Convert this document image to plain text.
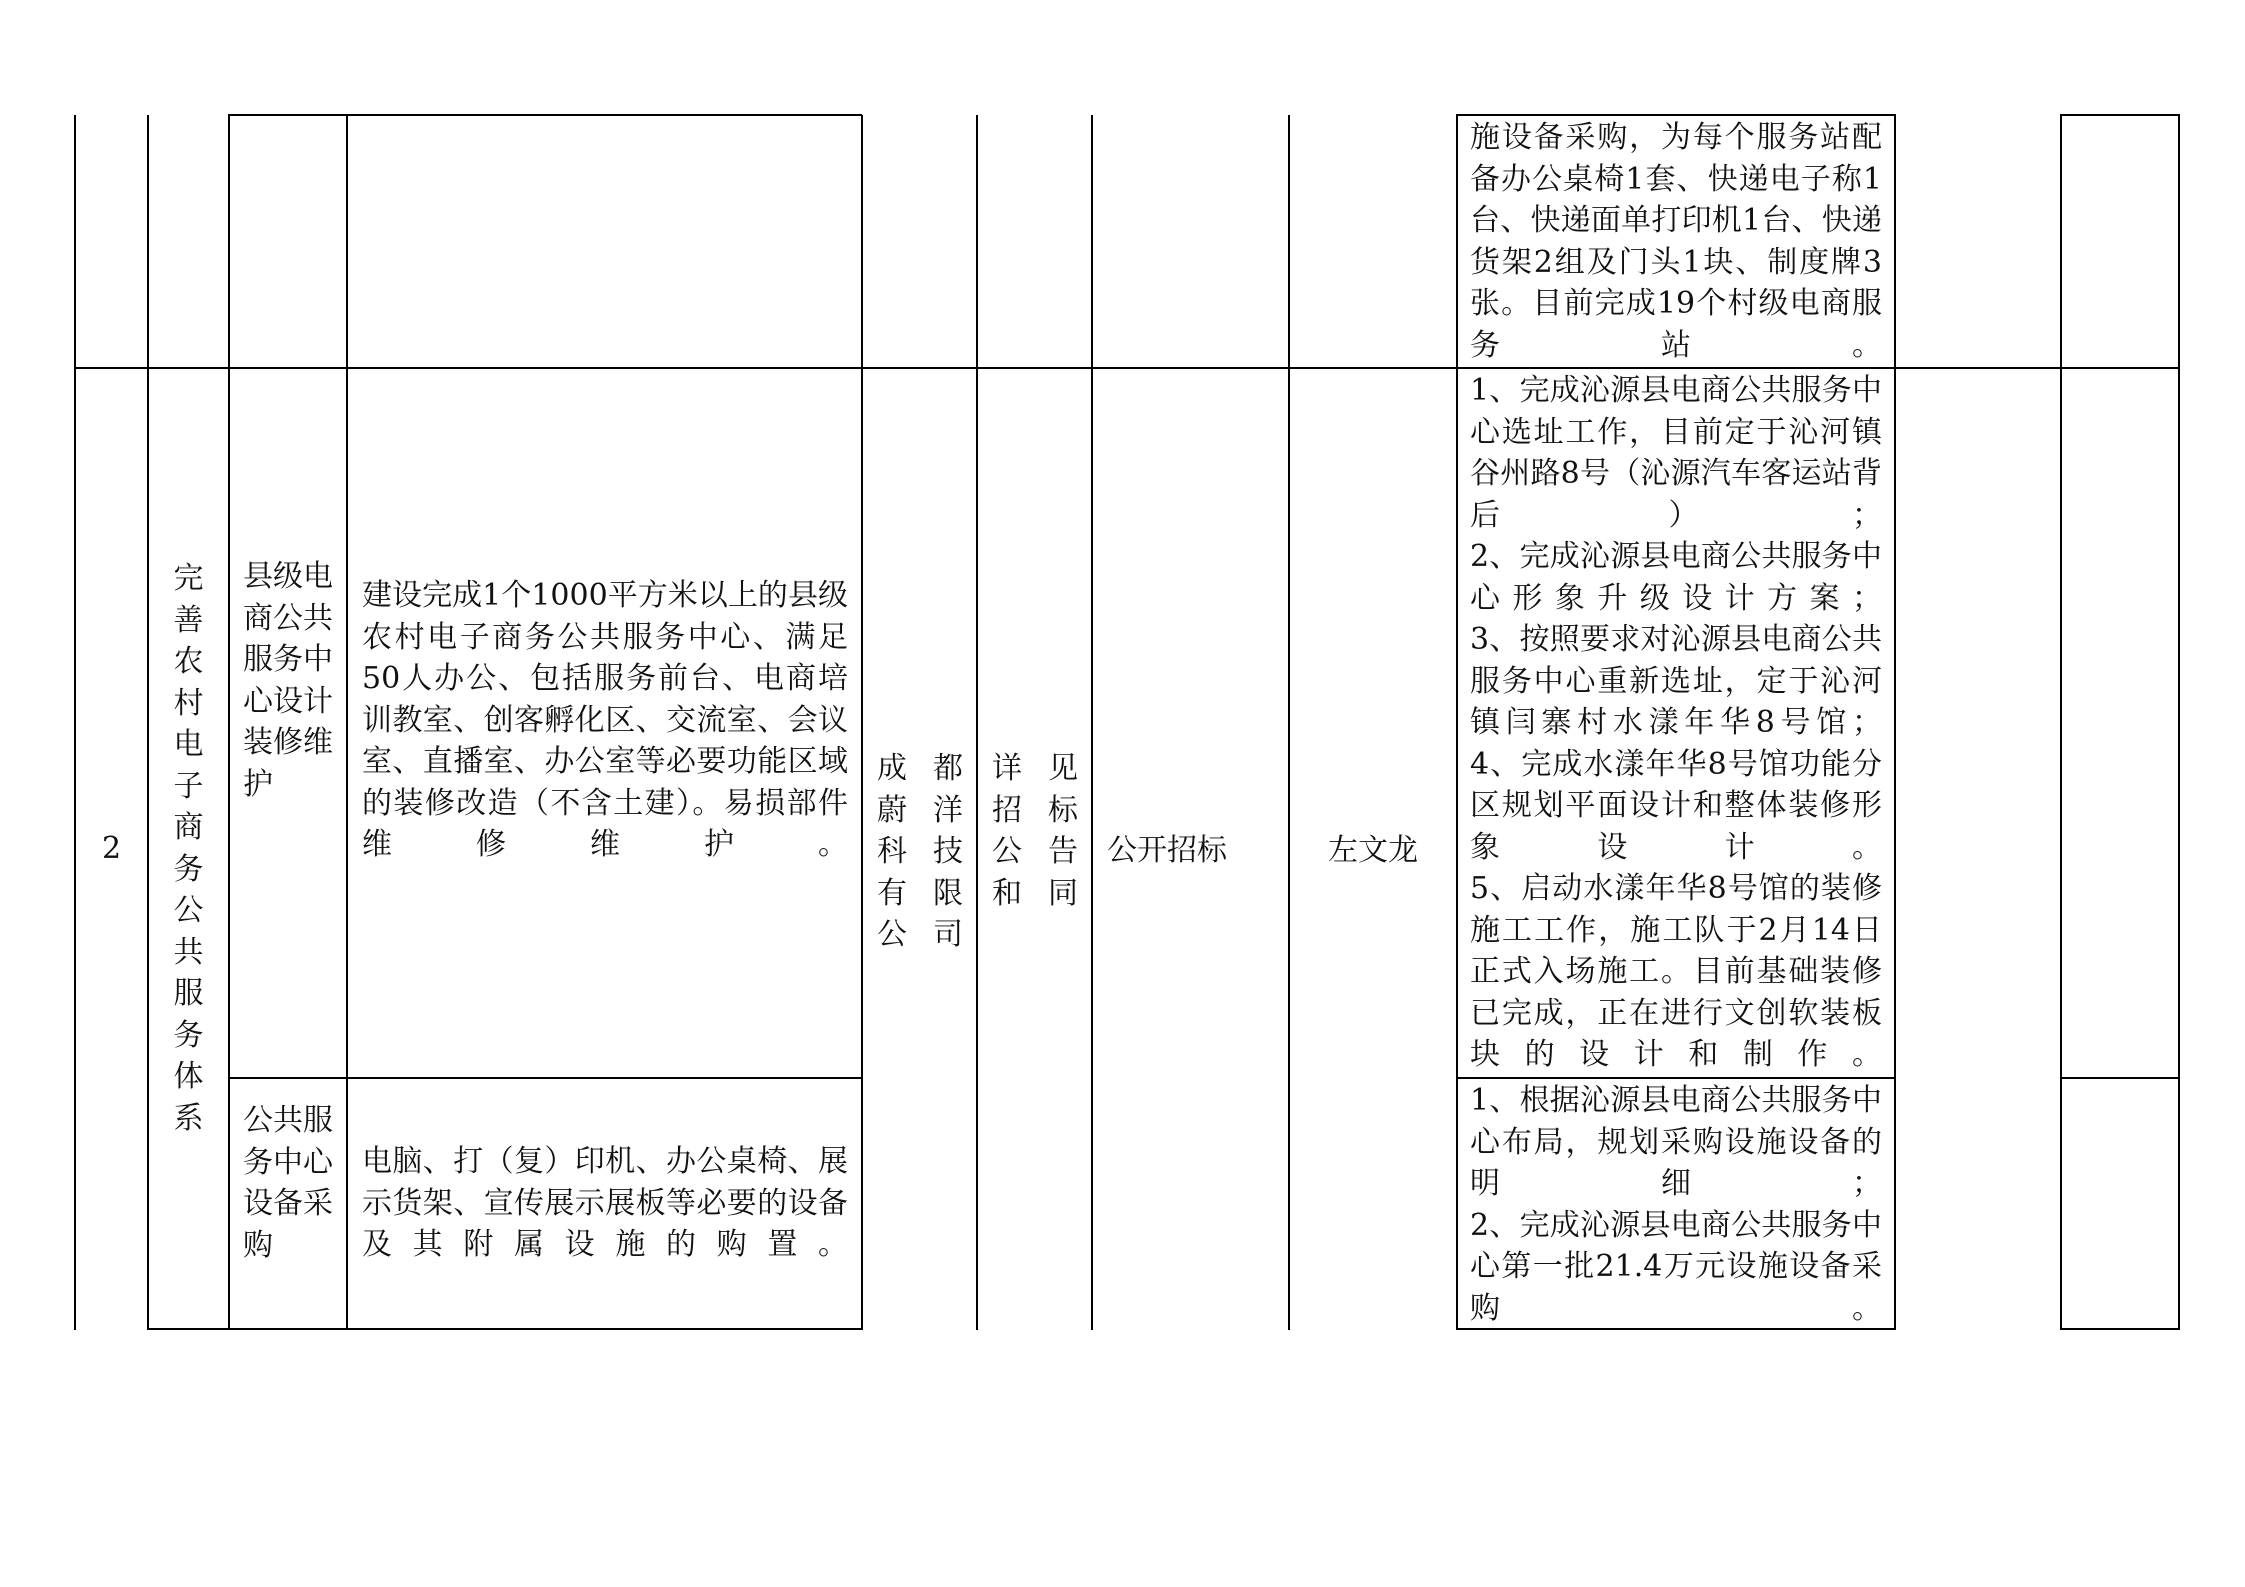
施设备采购，为每个服务站配备办公桌椅1套、快递电子称1台、快递面单打印机1台、快递货架2组及门头1块、制度牌3张。目前完成19个村级电商服务站。
2
完善农村电子商务公共服务体系
县级电商公共服务中心设计装修维护
建设完成1个1000平方米以上的县级农村电子商务公共服务中心、满足50人办公、包括服务前台、电商培训教室、创客孵化区、交流室、会议室、直播室、办公室等必要功能区域的装修改造（不含土建）。易损部件维修维护。
公共服务中心设备采购
电脑、打（复）印机、办公桌椅、展示货架、宣传展示展板等必要的设备及其附属设施的购置。
成都蔚洋科技有限公司
详见招标公告和同
公开招标	左文龙

1、完成沁源县电商公共服务中心选址工作，目前定于沁河镇谷州路8号（沁源汽车客运站背后）；

2、完成沁源县电商公共服务中心形象升级设计方案；

3、按照要求对沁源县电商公共服务中心重新选址，定于沁河镇闫寨村水漾年华8号馆；

4、完成水漾年华8号馆功能分区规划平面设计和整体装修形象设计。

5、启动水漾年华8号馆的装修施工工作，施工队于2月14日正式入场施工。目前基础装修已完成，正在进行文创软装板块的设计和制作。

1、根据沁源县电商公共服务中心布局，规划采购设施设备的明细；

2、完成沁源县电商公共服务中心第一批21.4万元设施设备采购。
